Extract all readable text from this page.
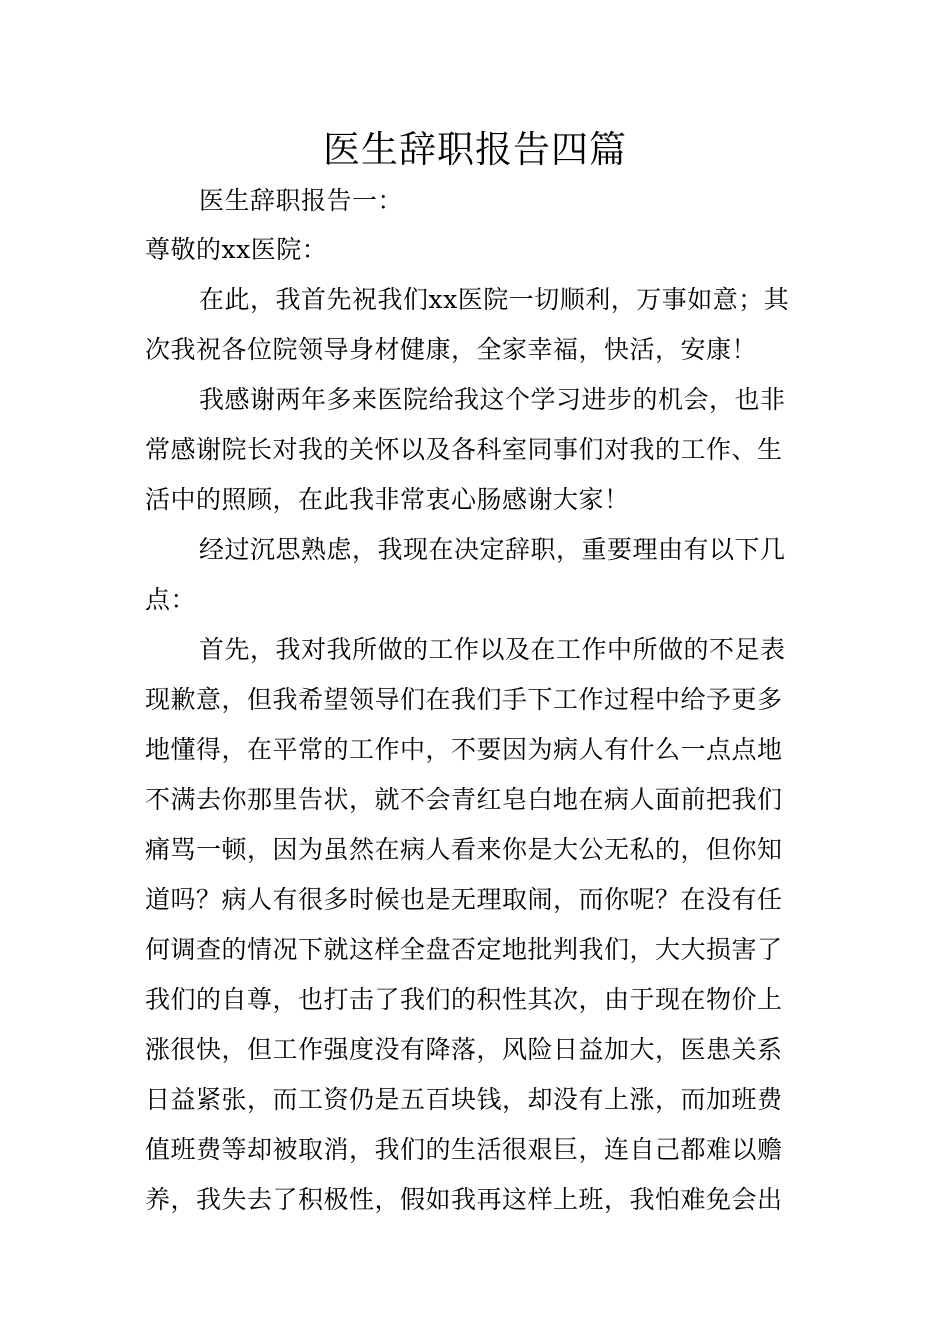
医生辞职报告四篇
医生辞职报告一：
尊敬的xx医院：
在此，我首先祝我们xx医院一切顺利，万事如意；其
次我祝各位院领导身材健康，全家幸福，快活，安康！
我感谢两年多来医院给我这个学习进步的机会，也非
常感谢院长对我的关怀以及各科室同事们对我的工作、生
活中的照顾，在此我非常衷心肠感谢大家！
经过沉思熟虑，我现在决定辞职，重要理由有以下几
点：
首先，我对我所做的工作以及在工作中所做的不足表
现歉意，但我希望领导们在我们手下工作过程中给予更多
地懂得，在平常的工作中，不要因为病人有什么一点点地
不满去你那里告状，就不会青红皂白地在病人面前把我们
痛骂一顿，因为虽然在病人看来你是大公无私的，但你知
道吗？病人有很多时候也是无理取闹，而你呢？在没有任
何调查的情况下就这样全盘否定地批判我们，大大损害了
我们的自尊，也打击了我们的积性其次，由于现在物价上
涨很快，但工作强度没有降落，风险日益加大，医患关系
日益紧张，而工资仍是五百块钱，却没有上涨，而加班费
值班费等却被取消，我们的生活很艰巨，连自己都难以赡
养，我失去了积极性，假如我再这样上班，我怕难免会出
